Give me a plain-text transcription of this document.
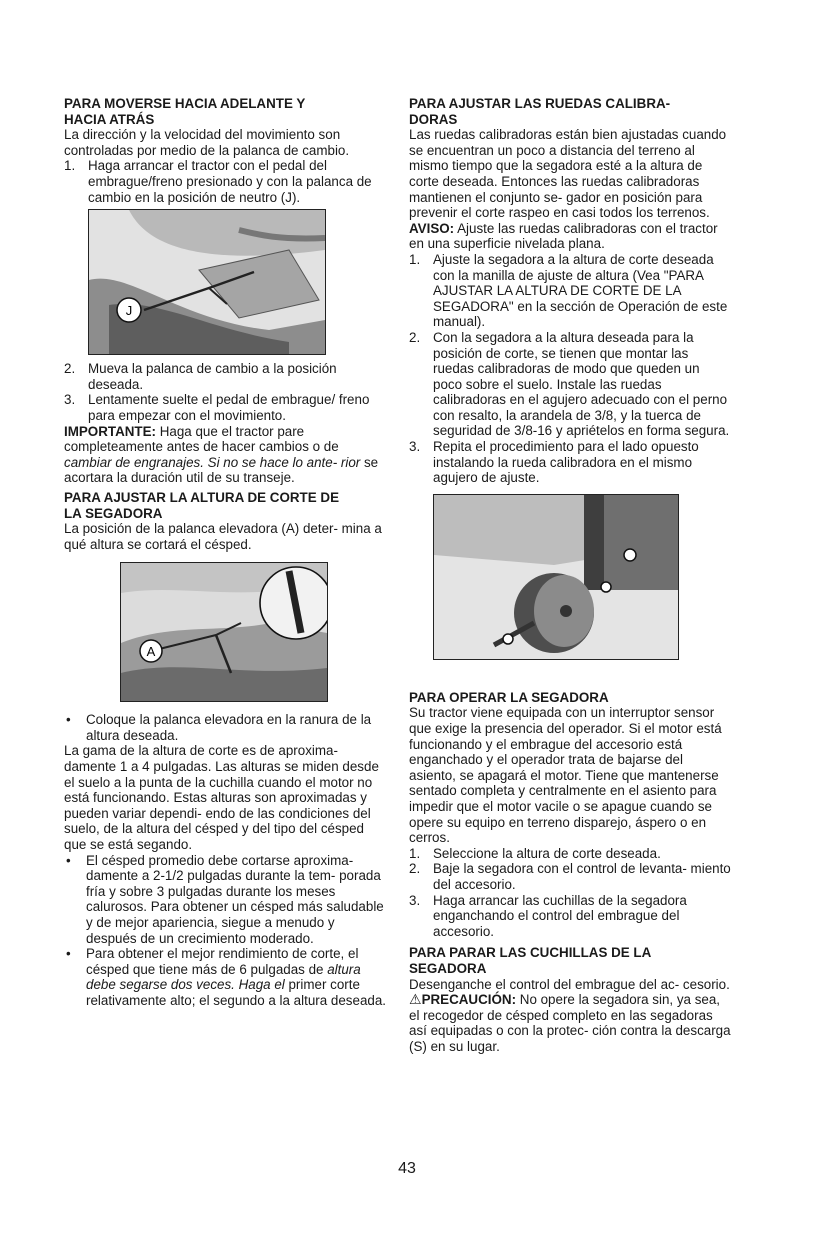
PARA MOVERSE HACIA ADELANTE Y
HACIA ATRÁS

La dirección y la velocidad del movimiento son controladas por medio de la palanca de cambio.

1. Haga arrancar el tractor con el pedal del embrague/freno presionado y con la palanca de cambio en la posición de neutro (J).
J
2. Mueva la palanca de cambio a la posición deseada.
3. Lentamente suelte el pedal de embrague/ freno para empezar con el movimiento.

IMPORTANTE: Haga que el tractor pare completeamente antes de hacer cambios o de cambiar de engranajes. Si no se hace lo ante- rior se acortara la duración util de su transeje.

PARA AJUSTAR LA ALTURA DE CORTE DE
LA SEGADORA

La posición de la palanca elevadora (A) deter- mina a qué altura se cortará el césped.

A
•	Coloque la palanca elevadora en la ranura de la altura deseada.

La gama de la altura de corte es de aproxima- damente 1 a 4 pulgadas. Las alturas se miden desde el suelo a la punta de la cuchilla cuando el motor no está funcionando. Estas alturas son aproximadas y pueden variar dependi- endo de las condiciones del suelo, de la altura del césped y del tipo del césped que se está segando.

•	El césped promedio debe cortarse aproxima- damente a 2-1/2 pulgadas durante la tem- porada fría y sobre 3 pulgadas durante los meses calurosos. Para obtener un césped más saludable y de mejor apariencia, siegue a menudo y después de un crecimiento moderado.
•	Para obtener el mejor rendimiento de corte, el césped que tiene más de 6 pulgadas de altura debe segarse dos veces. Haga el primer corte relativamente alto; el segundo a la altura deseada.
PARA AJUSTAR LAS RUEDAS CALIBRA-
DORAS

Las ruedas calibradoras están bien ajustadas cuando se encuentran un poco a distancia del terreno al mismo tiempo que la segadora esté a la altura de corte deseada. Entonces las ruedas calibradoras mantienen el conjunto se- gador en posición para prevenir el corte raspeo en casi todos los terrenos.

AVISO: Ajuste las ruedas calibradoras con el tractor en una superficie nivelada plana.

1. Ajuste la segadora a la altura de corte deseada con la manilla de ajuste de altura (Vea "PARA AJUSTAR LA ALTURA DE CORTE DE LA SEGADORA" en la sección de Operación de este manual).
2. Con la segadora a la altura deseada para la posición de corte, se tienen que montar las ruedas calibradoras de modo que queden un poco sobre el suelo. Instale las ruedas calibradoras en el agujero adecuado con el perno con resalto, la arandela de 3/8, y la tuerca de seguridad de 3/8-16 y apriételos en forma segura.
3. Repita el procedimiento para el lado opuesto instalando la rueda calibradora en el mismo agujero de ajuste.
PARA OPERAR LA SEGADORA

Su tractor viene equipada con un interruptor sensor que exige la presencia del operador. Si el motor está funcionando y el embrague del accesorio está enganchado y el operador trata de bajarse del asiento, se apagará el motor. Tiene que mantenerse sentado completa y centralmente en el asiento para impedir que el motor vacile o se apague cuando se opere su equipo en terreno disparejo, áspero o en cerros.

1. Seleccione la altura de corte deseada.
2. Baje la segadora con el control de levanta- miento del accesorio.
3. Haga arrancar las cuchillas de la segadora enganchando el control del embrague del accesorio.
PARA PARAR LAS CUCHILLAS DE LA
SEGADORA

Desenganche el control del embrague del ac- cesorio.

⚠PRECAUCIÓN: No opere la segadora sin, ya sea, el recogedor de césped completo en las segadoras así equipadas o con la protec- ción contra la descarga (S) en su lugar.

43
